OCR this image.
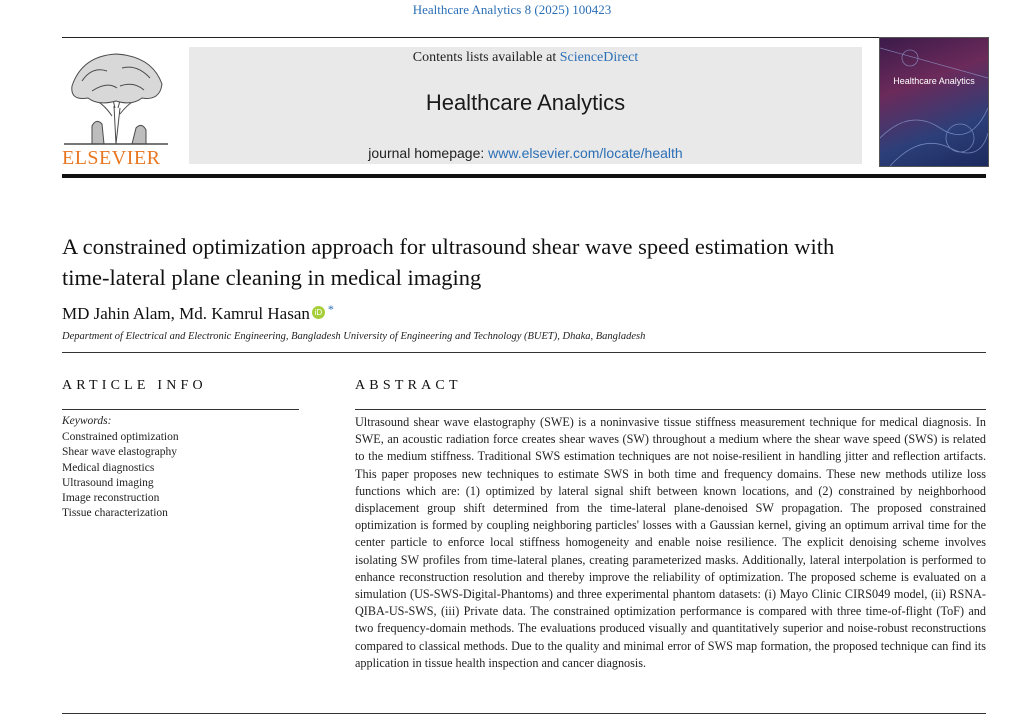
Healthcare Analytics 8 (2025) 100423
ELSEVIER
Contents lists available at ScienceDirect
Healthcare Analytics
journal homepage: www.elsevier.com/locate/health
Healthcare Analytics
A constrained optimization approach for ultrasound shear wave speed estimation with time-lateral plane cleaning in medical imaging
MD Jahin Alam, Md. Kamrul Hasan iD *
Department of Electrical and Electronic Engineering, Bangladesh University of Engineering and Technology (BUET), Dhaka, Bangladesh
ARTICLE INFO
Keywords:
Constrained optimization
Shear wave elastography
Medical diagnostics
Ultrasound imaging
Image reconstruction
Tissue characterization
ABSTRACT

Ultrasound shear wave elastography (SWE) is a noninvasive tissue stiffness measurement technique for medical diagnosis. In SWE, an acoustic radiation force creates shear waves (SW) throughout a medium where the shear wave speed (SWS) is related to the medium stiffness. Traditional SWS estimation techniques are not noise-resilient in handling jitter and reflection artifacts. This paper proposes new techniques to estimate SWS in both time and frequency domains. These new methods utilize loss functions which are: (1) optimized by lateral signal shift between known locations, and (2) constrained by neighborhood displacement group shift determined from the time-lateral plane-denoised SW propagation. The proposed constrained optimization is formed by coupling neighboring particles' losses with a Gaussian kernel, giving an optimum arrival time for the center particle to enforce local stiffness homogeneity and enable noise resilience. The explicit denoising scheme involves isolating SW profiles from time-lateral planes, creating parameterized masks. Additionally, lateral interpolation is performed to enhance reconstruction resolution and thereby improve the reliability of optimization. The proposed scheme is evaluated on a simulation (US-SWS-Digital-Phantoms) and three experimental phantom datasets: (i) Mayo Clinic CIRS049 model, (ii) RSNA-QIBA-US-SWS, (iii) Private data. The constrained optimization performance is compared with three time-of-flight (ToF) and two frequency-domain methods. The evaluations produced visually and quantitatively superior and noise-robust reconstructions compared to classical methods. Due to the quality and minimal error of SWS map formation, the proposed technique can find its application in tissue health inspection and cancer diagnosis.
